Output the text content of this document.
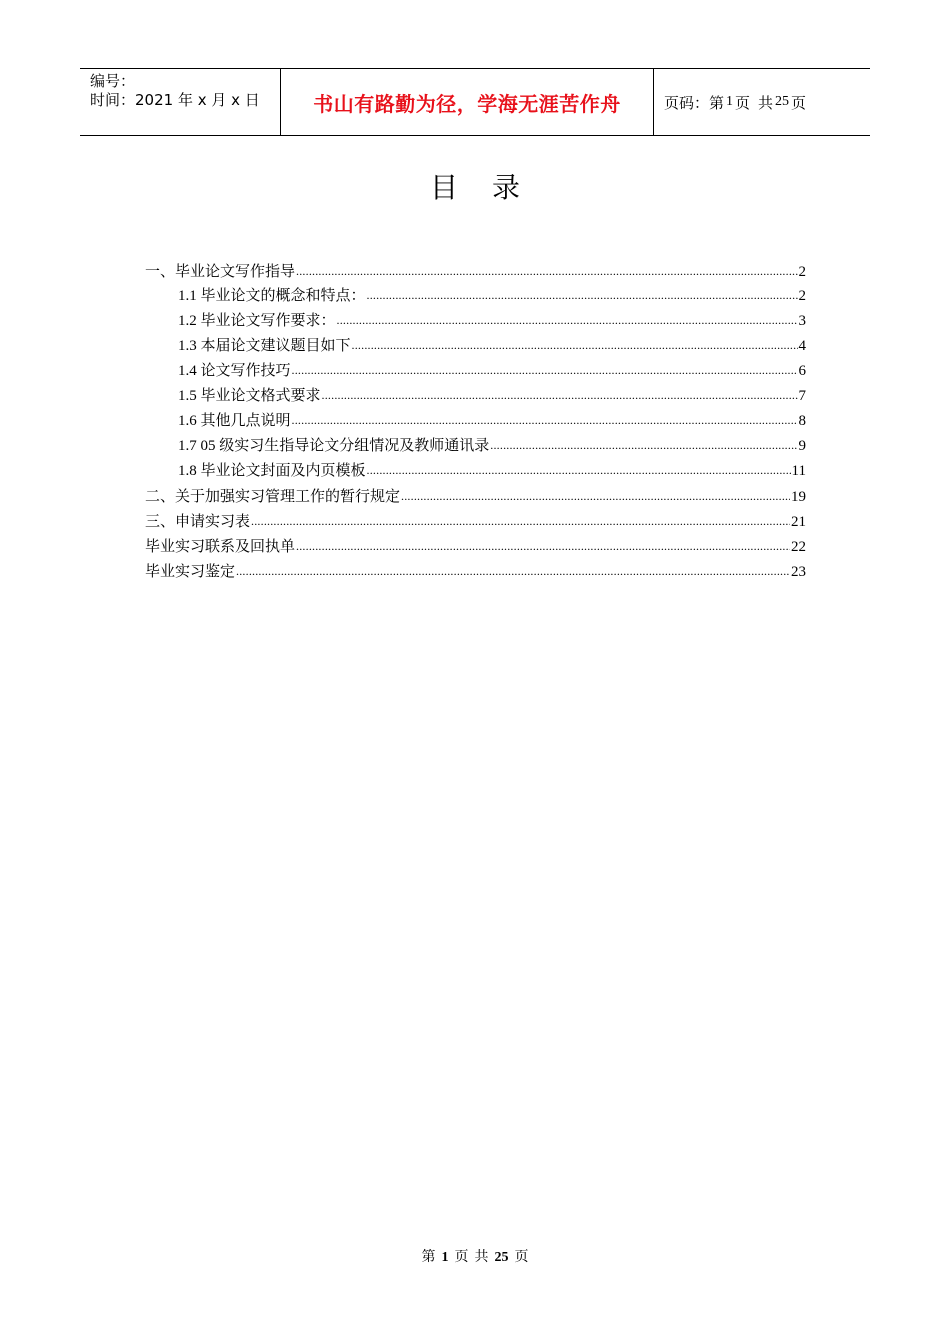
编号：
时间：2021 年 x 月 x 日	书山有路勤为径，学海无涯苦作舟	页码：第 1 页 共 25 页
目 录
一、毕业论文写作指导 .....	2
1.1 毕业论文的概念和特点： .....	2
1.2 毕业论文写作要求： .....	3
1.3 本届论文建议题目如下 .....	4
1.4 论文写作技巧 .....	6
1.5 毕业论文格式要求 .....	7
1.6 其他几点说明 .....	8
1.7 05 级实习生指导论文分组情况及教师通讯录 .....	9
1.8 毕业论文封面及内页模板 .....	11
二、关于加强实习管理工作的暂行规定 .....	19
三、申请实习表 .....	21
毕业实习联系及回执单 .....	22
毕业实习鉴定 .....	23
第 1 页 共 25 页
